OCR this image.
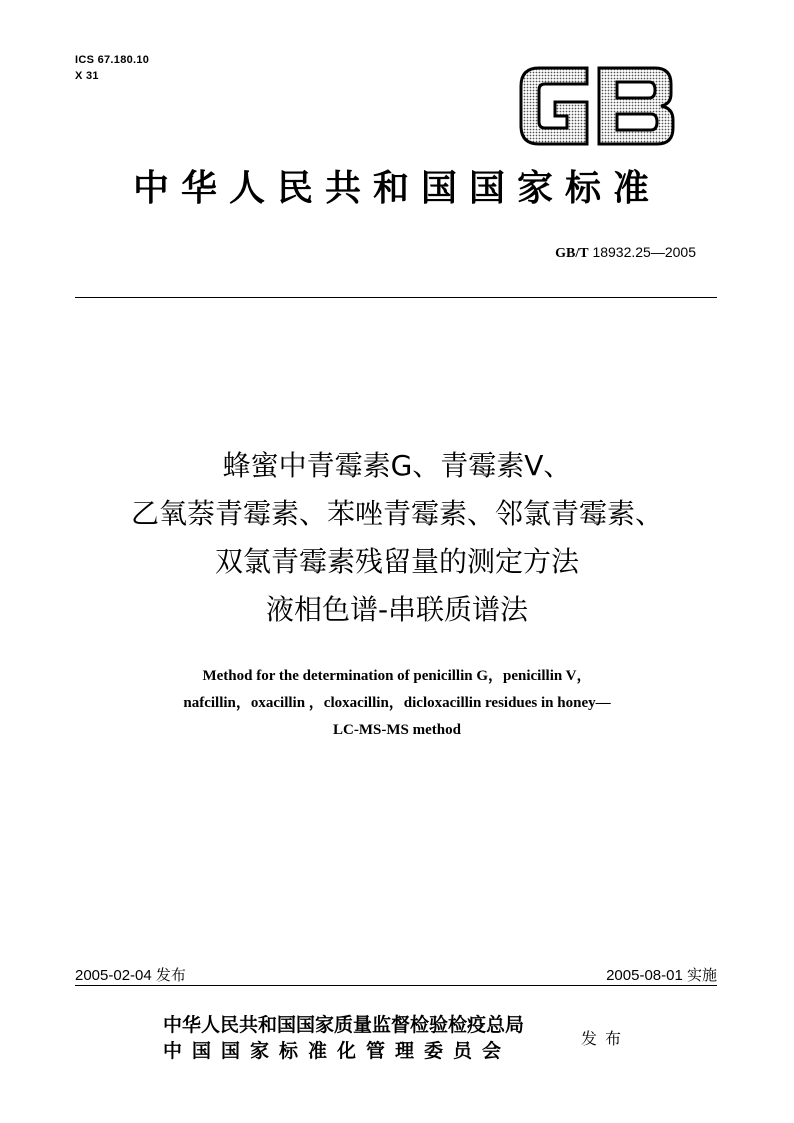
ICS 67.180.10
X 31
GB
中华人民共和国国家标准
GB/T 18932.25—2005
蜂蜜中青霉素G、青霉素V、
乙氧萘青霉素、苯唑青霉素、邻氯青霉素、
双氯青霉素残留量的测定方法
液相色谱-串联质谱法
Method for the determination of penicillin G，penicillin V，
nafcillin，oxacillin ，cloxacillin，dicloxacillin residues in honey—
LC-MS-MS method
2005-02-04 发布	2005-08-01 实施
中华人民共和国国家质量监督检验检疫总局
中国国家标准化管理委员会
发布
